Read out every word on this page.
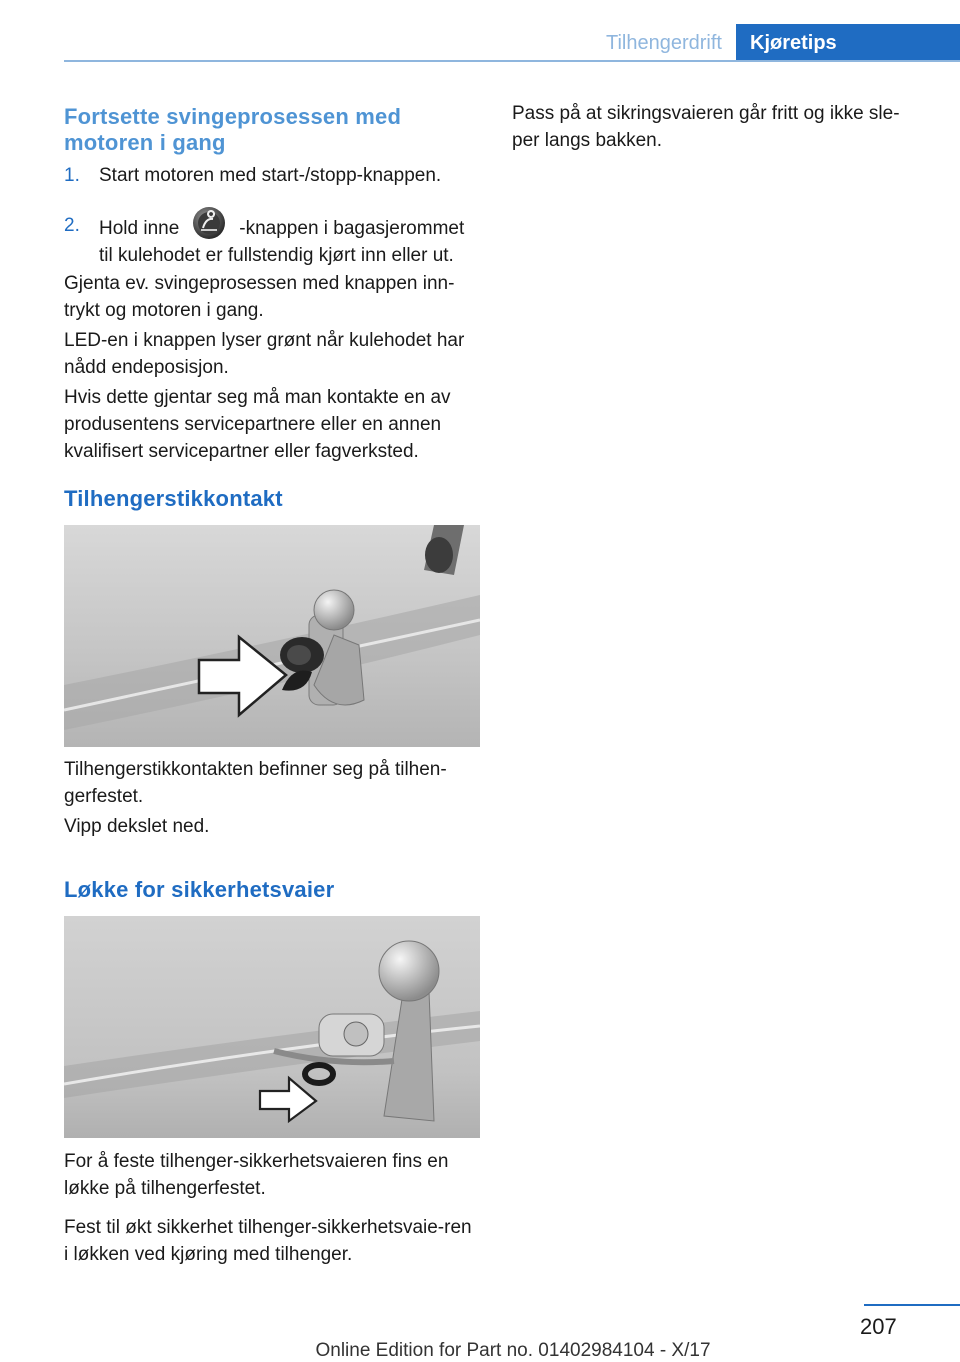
Tilhengerdrift	Kjøretips
Fortsette svingeprosessen med motoren i gang
1. Start motoren med start-/stopp-knappen.
2. Hold inne	-knappen i bagasjerommet til kulehodet er fullstendig kjørt inn eller ut.

Gjenta ev. svingeprosessen med knappen inn-trykt og motoren i gang.

LED-en i knappen lyser grønt når kulehodet har nådd endeposisjon.

Hvis dette gjentar seg må man kontakte en av produsentens servicepartnere eller en annen kvalifisert servicepartner eller fagverksted.

Tilhengerstikkontakt

Tilhengerstikkontakten befinner seg på tilhen-gerfestet.

Vipp dekslet ned.

Løkke for sikkerhetsvaier

For å feste tilhenger-sikkerhetsvaieren fins en løkke på tilhengerfestet.

Fest til økt sikkerhet tilhenger-sikkerhetsvaie-ren i løkken ved kjøring med tilhenger.

Pass på at sikringsvaieren går fritt og ikke sle-per langs bakken.

207
Online Edition for Part no. 01402984104 - X/17
